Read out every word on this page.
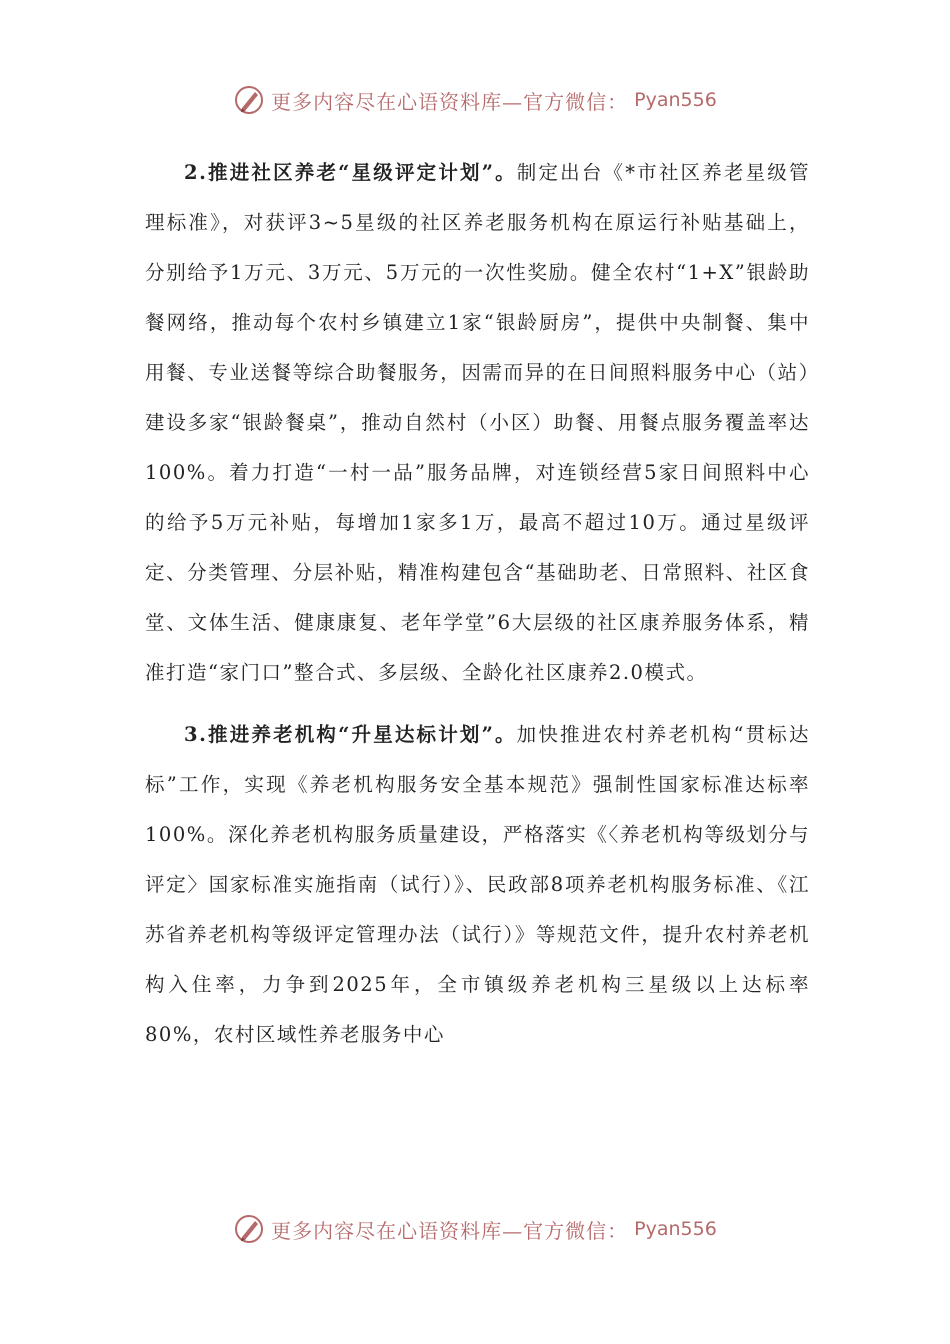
更多内容尽在心语资料库—官方微信： Pyan556

2.推进社区养老“星级评定计划”。制定出台《*市社区养老星级管理标准》，对获评3~5星级的社区养老服务机构在原运行补贴基础上，分别给予1万元、3万元、5万元的一次性奖励。健全农村“1+X”银龄助餐网络，推动每个农村乡镇建立1家“银龄厨房”，提供中央制餐、集中用餐、专业送餐等综合助餐服务，因需而异的在日间照料服务中心（站）建设多家“银龄餐桌”，推动自然村（小区）助餐、用餐点服务覆盖率达100%。着力打造“一村一品”服务品牌，对连锁经营5家日间照料中心的给予5万元补贴，每增加1家多1万，最高不超过10万。通过星级评定、分类管理、分层补贴，精准构建包含“基础助老、日常照料、社区食堂、文体生活、健康康复、老年学堂”6大层级的社区康养服务体系，精准打造“家门口”整合式、多层级、全龄化社区康养2.0模式。

3.推进养老机构“升星达标计划”。加快推进农村养老机构“贯标达标”工作，实现《养老机构服务安全基本规范》强制性国家标准达标率100%。深化养老机构服务质量建设，严格落实《〈养老机构等级划分与评定〉国家标准实施指南（试行）》、民政部8项养老机构服务标准、《江苏省养老机构等级评定管理办法（试行）》等规范文件，提升农村养老机构入住率，力争到2025年，全市镇级养老机构三星级以上达标率80%，农村区域性养老服务中心

更多内容尽在心语资料库—官方微信： Pyan556
